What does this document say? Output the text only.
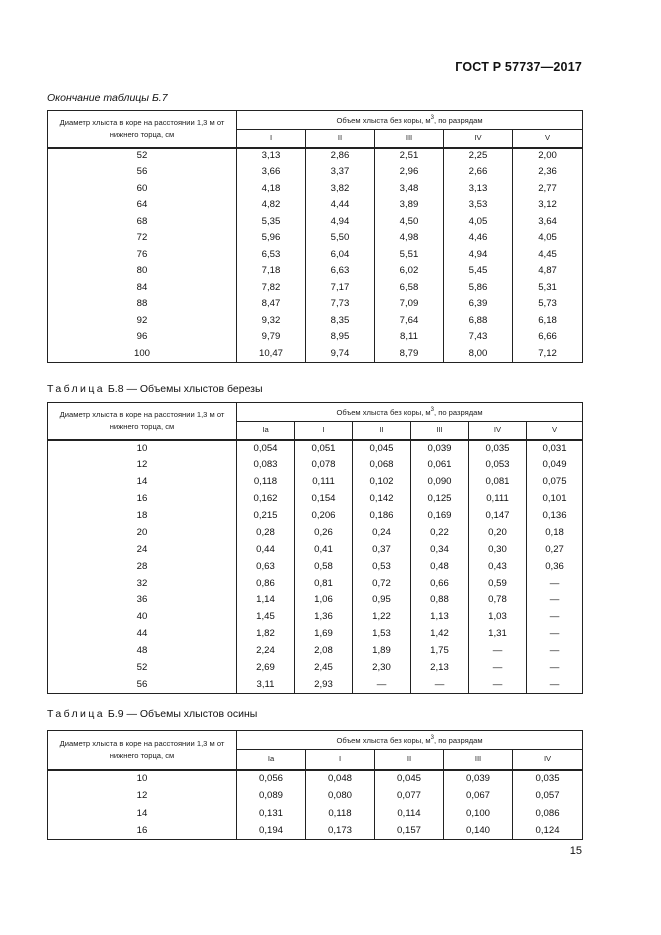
ГОСТ Р 57737—2017
Окончание таблицы Б.7
Диаметр хлыста в коре на расстоянии 1,3 м от нижнего торца, см	Объем хлыста без коры, $м^3$, по разрядам				
	I	II	III	IV	V
52	3,13	2,86	2,51	2,25	2,00
56	3,66	3,37	2,96	2,66	2,36
60	4,18	3,82	3,48	3,13	2,77
64	4,82	4,44	3,89	3,53	3,12
68	5,35	4,94	4,50	4,05	3,64
72	5,96	5,50	4,98	4,46	4,05
76	6,53	6,04	5,51	4,94	4,45
80	7,18	6,63	6,02	5,45	4,87
84	7,82	7,17	6,58	5,86	5,31
88	8,47	7,73	7,09	6,39	5,73
92	9,32	8,35	7,64	6,88	6,18
96	9,79	8,95	8,11	7,43	6,66
100	10,47	9,74	8,79	8,00	7,12
Таблица Б.8 — Объемы хлыстов березы
Диаметр хлыста в коре на расстоянии 1,3 м от нижнего торца, см	Объем хлыста без коры, $м^3$, по разрядам					
	Ia	I	II	III	IV	V
10	0,054	0,051	0,045	0,039	0,035	0,031
12	0,083	0,078	0,068	0,061	0,053	0,049
14	0,118	0,111	0,102	0,090	0,081	0,075
16	0,162	0,154	0,142	0,125	0,111	0,101
18	0,215	0,206	0,186	0,169	0,147	0,136
20	0,28	0,26	0,24	0,22	0,20	0,18
24	0,44	0,41	0,37	0,34	0,30	0,27
28	0,63	0,58	0,53	0,48	0,43	0,36
32	0,86	0,81	0,72	0,66	0,59	—
36	1,14	1,06	0,95	0,88	0,78	—
40	1,45	1,36	1,22	1,13	1,03	—
44	1,82	1,69	1,53	1,42	1,31	—
48	2,24	2,08	1,89	1,75	—	—
52	2,69	2,45	2,30	2,13	—	—
56	3,11	2,93	—	—	—	—
Таблица Б.9 — Объемы хлыстов осины
Диаметр хлыста в коре на расстоянии 1,3 м от нижнего торца, см	Объем хлыста без коры, $м^3$, по разрядам				
	Ia	I	II	III	IV
10	0,056	0,048	0,045	0,039	0,035
12	0,089	0,080	0,077	0,067	0,057
14	0,131	0,118	0,114	0,100	0,086
16	0,194	0,173	0,157	0,140	0,124
15
